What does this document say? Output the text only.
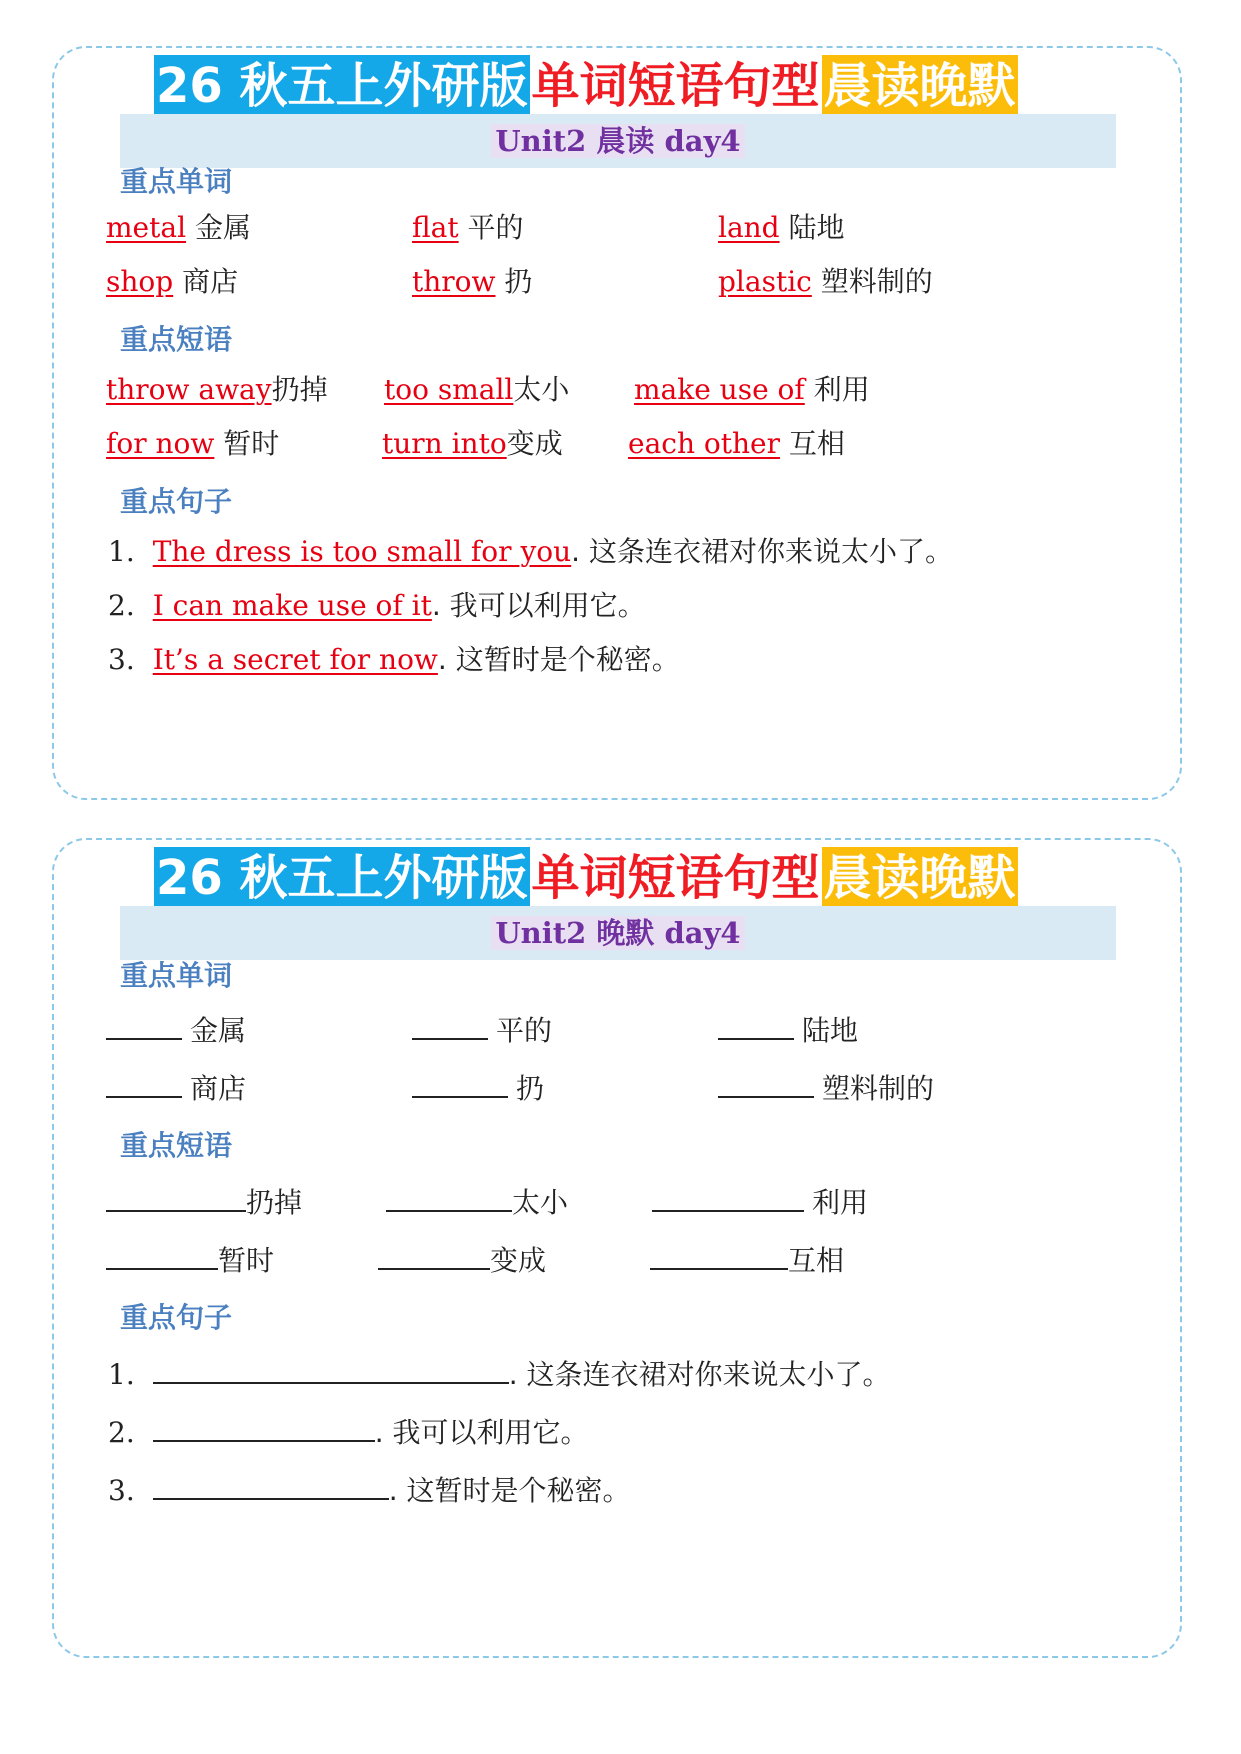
26 秋五上外研版 单词短语句型 晨读晚默
Unit2 晨读 day4
重点单词
metal 金属	flat 平的	land 陆地
shop 商店	throw 扔	plastic 塑料制的
重点短语
throw away扔掉 too small太小 make use of 利用
for now 暂时	turn into变成 each other 互相
重点句子
1. The dress is too small for you. 这条连衣裙对你来说太小了。
2. I can make use of it. 我可以利用它。
3. It’s a secret for now. 这暂时是个秘密。
26 秋五上外研版 单词短语句型 晨读晚默
Unit2 晚默 day4
重点单词
金属	平的	陆地
商店	扔	塑料制的
重点短语
扔掉	太小	利用
暂时	变成	互相
重点句子
1.	. 这条连衣裙对你来说太小了。
2.	. 我可以利用它。
3.	. 这暂时是个秘密。
